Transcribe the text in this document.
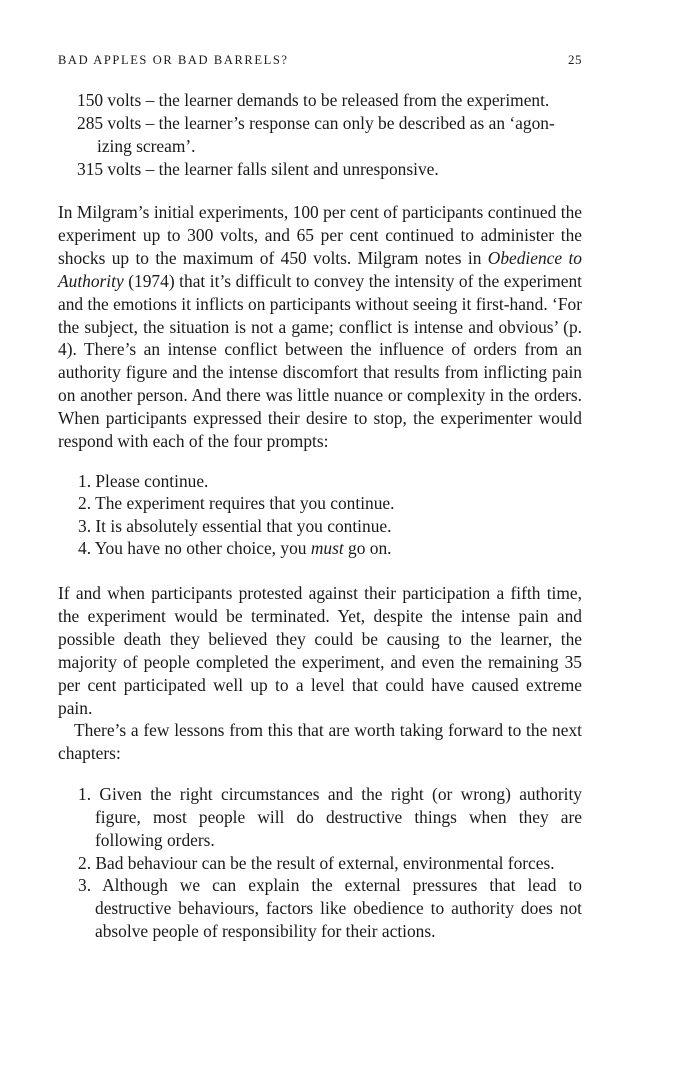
BAD APPLES OR BAD BARRELS?	25
150 volts – the learner demands to be released from the experiment.
285 volts – the learner’s response can only be described as an ‘agon-
izing scream’.
315 volts – the learner falls silent and unresponsive.

In Milgram’s initial experiments, 100 per cent of participants continued the experiment up to 300 volts, and 65 per cent continued to administer the shocks up to the maximum of 450 volts. Milgram notes in Obedience to Authority (1974) that it’s difficult to convey the intensity of the experiment and the emotions it inflicts on participants without seeing it first-hand. ‘For the subject, the situation is not a game; conflict is intense and obvious’ (p. 4). There’s an intense conflict between the influence of orders from an authority figure and the intense discomfort that results from inflicting pain on another person. And there was little nuance or complexity in the orders. When participants expressed their desire to stop, the experimenter would respond with each of the four prompts:

1. Please continue.
2. The experiment requires that you continue.
3. It is absolutely essential that you continue.
4. You have no other choice, you must go on.

If and when participants protested against their participation a fifth time, the experiment would be terminated. Yet, despite the intense pain and possible death they believed they could be causing to the learner, the majority of people completed the experiment, and even the remaining 35 per cent participated well up to a level that could have caused extreme pain.

There’s a few lessons from this that are worth taking forward to the next chapters:

1. Given the right circumstances and the right (or wrong) authority figure, most people will do destructive things when they are following orders.
2. Bad behaviour can be the result of external, environmental forces.
3. Although we can explain the external pressures that lead to destructive behaviours, factors like obedience to authority does not absolve people of responsibility for their actions.
